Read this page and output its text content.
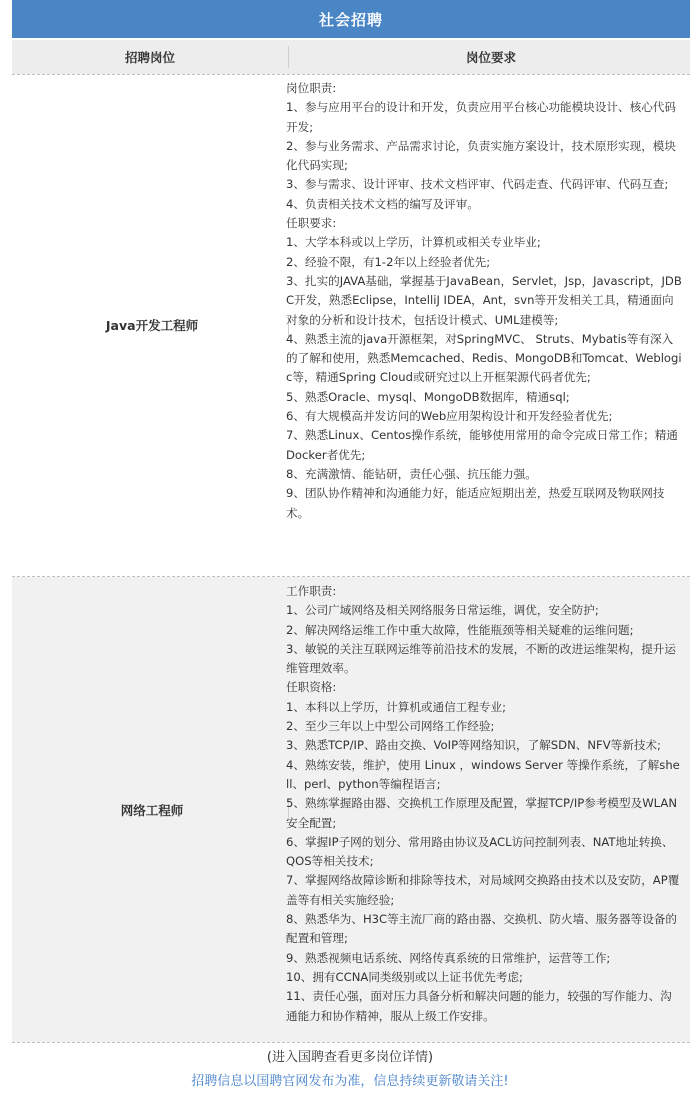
社会招聘
招聘岗位	岗位要求
Java开发工程师
岗位职责:
1、参与应用平台的设计和开发，负责应用平台核心功能模块设计、核心代码开发;
2、参与业务需求、产品需求讨论，负责实施方案设计，技术原形实现，模块化代码实现;
3、参与需求、设计评审、技术文档评审、代码走查、代码评审、代码互查;
4、负责相关技术文档的编写及评审。
任职要求:
1、大学本科或以上学历，计算机或相关专业毕业;
2、经验不限，有1-2年以上经验者优先;
3、扎实的JAVA基础，掌握基于JavaBean，Servlet，Jsp，Javascript，JDBC开发，熟悉Eclipse，IntelliJ IDEA，Ant，svn等开发相关工具，精通面向对象的分析和设计技术，包括设计模式、UML建模等;
4、熟悉主流的java开源框架，对SpringMVC、 Struts、Mybatis等有深入的了解和使用，熟悉Memcached、Redis、MongoDB和Tomcat、Weblogic等，精通Spring Cloud或研究过以上开框架源代码者优先;
5、熟悉Oracle、mysql、MongoDB数据库，精通sql;
6、有大规模高并发访问的Web应用架构设计和开发经验者优先;
7、熟悉Linux、Centos操作系统，能够使用常用的命令完成日常工作；精通Docker者优先;
8、充满激情、能钻研，责任心强、抗压能力强。
9、团队协作精神和沟通能力好，能适应短期出差，热爱互联网及物联网技术。
网络工程师
工作职责:
1、公司广域网络及相关网络服务日常运维，调优，安全防护;
2、解决网络运维工作中重大故障，性能瓶颈等相关疑难的运维问题;
3、敏锐的关注互联网运维等前沿技术的发展，不断的改进运维架构，提升运维管理效率。
任职资格:
1、本科以上学历，计算机或通信工程专业;
2、至少三年以上中型公司网络工作经验;
3、熟悉TCP/IP、路由交换、VoIP等网络知识，了解SDN、NFV等新技术;
4、熟练安装，维护，使用 Linux ，windows Server 等操作系统，了解shell、perl、python等编程语言;
5、熟练掌握路由器、交换机工作原理及配置，掌握TCP/IP参考模型及WLAN安全配置;
6、掌握IP子网的划分、常用路由协议及ACL访问控制列表、NAT地址转换、QOS等相关技术;
7、掌握网络故障诊断和排除等技术，对局域网交换路由技术以及安防，AP覆盖等有相关实施经验;
8、熟悉华为、H3C等主流厂商的路由器、交换机、防火墙、服务器等设备的配置和管理;
9、熟悉视频电话系统、网络传真系统的日常维护，运营等工作;
10、拥有CCNA同类级别或以上证书优先考虑;
11、责任心强，面对压力具备分析和解决问题的能力，较强的写作能力、沟通能力和协作精神，服从上级工作安排。
(进入国聘查看更多岗位详情)
招聘信息以国聘官网发布为准，信息持续更新敬请关注!
